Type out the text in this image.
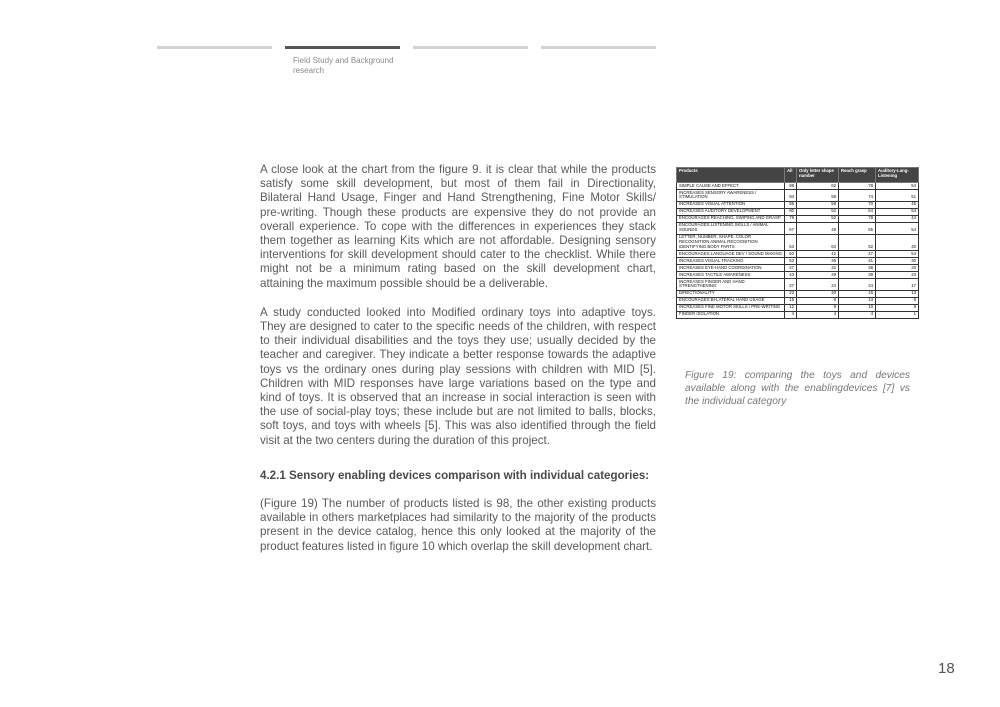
Field Study and Background research

A close look at the chart from the figure 9. it is clear that while the products satisfy some skill development, but most of them fail in Directionality, Bilateral Hand Usage, Finger and Hand Strengthening, Fine Motor Skills/ pre-writing. Though these products are expensive they do not provide an overall experience. To cope with the differences in experiences they stack them together as learning Kits which are not affordable. Designing sensory interventions for skill development should cater to the checklist. While there might not be a minimum rating based on the skill development chart, attaining the maximum possible should be a deliverable.

A study conducted looked into Modified ordinary toys into adaptive toys. They are designed to cater to the specific needs of the children, with respect to their individual disabilities and the toys they use; usually decided by the teacher and caregiver. They indicate a better response towards the adaptive toys vs the ordinary ones during play sessions with children with MID [5]. Children with MID responses have large variations based on the type and kind of toys. It is observed that an increase in social interaction is seen with the use of social-play toys; these include but are not limited to balls, blocks, soft toys, and toys with wheels [5]. This was also identified through the field visit at the two centers during the duration of this project.

4.2.1 Sensory enabling devices comparison with individual categories:

(Figure 19) The number of products listed is 98, the other existing products available in others marketplaces had similarity to the majority of the products present in the device catalog, hence this only looked at the majority of the product features listed in figure 10 which overlap the skill development chart.

Products	All	Only letter shape number	Reach grasp	Auditory-Lang-Listening
SIMPLE CAUSE AND EFFECT	98	62	78	54
INCREASES SENSORY AWARENESS / STIMULATION	94	58	74	51
INCREASES VISUAL ATTENTION	86	58	70	45
INCREASES AUDITORY DEVELOPMENT	80	52	64	54
ENCOURAGES REACHING, SWIPING AND GRASP	78	52	78	44
ENCOURAGES LISTENING SKILLS / ANIMAL SOUNDS	67	49	55	54
LETTER, NUMBER, SHAPE, COLOR RECOGNITION ANIMAL RECOGNITION IDENTIFYING BODY PARTS	63	63	52	40
ENCOURAGES LANGUAGE DEV / SOUND MAKING	60	42	47	54
INCREASES VISUAL TRACKING	53	36	41	30
INCREASES EYE-HAND COORDINATION	47	32	38	33
INCREASES TACTILE AWARENESS	43	29	39	23
INCREASES FINGER AND HAND STRENGTHENING	27	24	24	17
DIRECTIONALITY	23	20	16	13
ENCOURAGES BI-LATERAL HAND USAGE	15	9	13	8
INCREASES FINE MOTOR SKILLS / PRE-WRITING	12	9	10	8
FINGER ISOLATION	4	4	4	1
Figure 19: comparing the toys and devices available along with the enablingdevices [7] vs the individual category
18
